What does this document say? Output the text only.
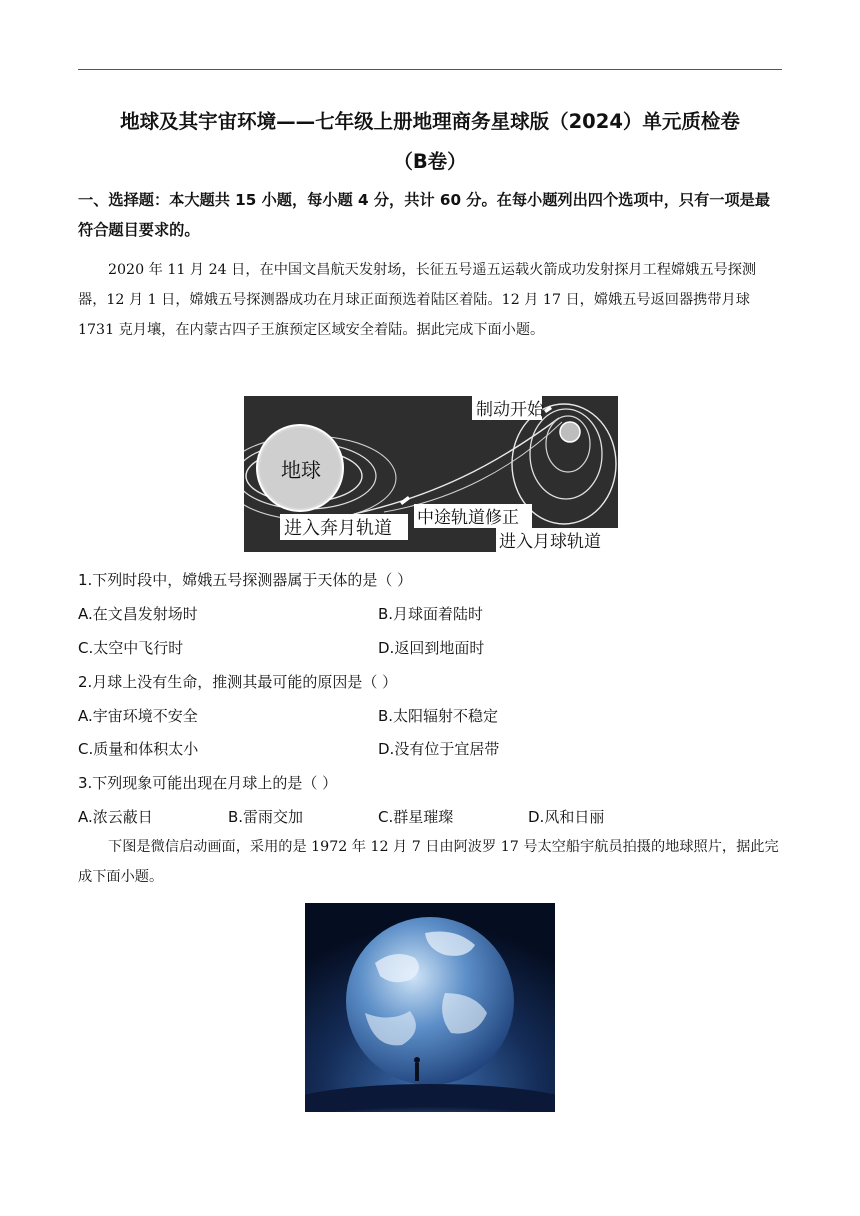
地球及其宇宙环境——七年级上册地理商务星球版（2024）单元质检卷
（B卷）
一、选择题：本大题共 15 小题，每小题 4 分，共计 60 分。在每小题列出四个选项中，只有一项是最符合题目要求的。
2020 年 11 月 24 日，在中国文昌航天发射场，长征五号遥五运载火箭成功发射探月工程嫦娥五号探测器，12 月 1 日，嫦娥五号探测器成功在月球正面预选着陆区着陆。12 月 17 日，嫦娥五号返回器携带月球 1731 克月壤，在内蒙古四子王旗预定区域安全着陆。据此完成下面小题。
地球
制动开始
进入奔月轨道 中途轨道修正
进入月球轨道
1.下列时段中，嫦娥五号探测器属于天体的是（ ）
A.在文昌发射场时	B.月球面着陆时
C.太空中飞行时	D.返回到地面时
2.月球上没有生命，推测其最可能的原因是（ ）
A.宇宙环境不安全	B.太阳辐射不稳定
C.质量和体积太小	D.没有位于宜居带
3.下列现象可能出现在月球上的是（ ）
A.浓云蔽日	B.雷雨交加	C.群星璀璨	D.风和日丽
下图是微信启动画面，采用的是 1972 年 12 月 7 日由阿波罗 17 号太空船宇航员拍摄的地球照片，据此完成下面小题。
